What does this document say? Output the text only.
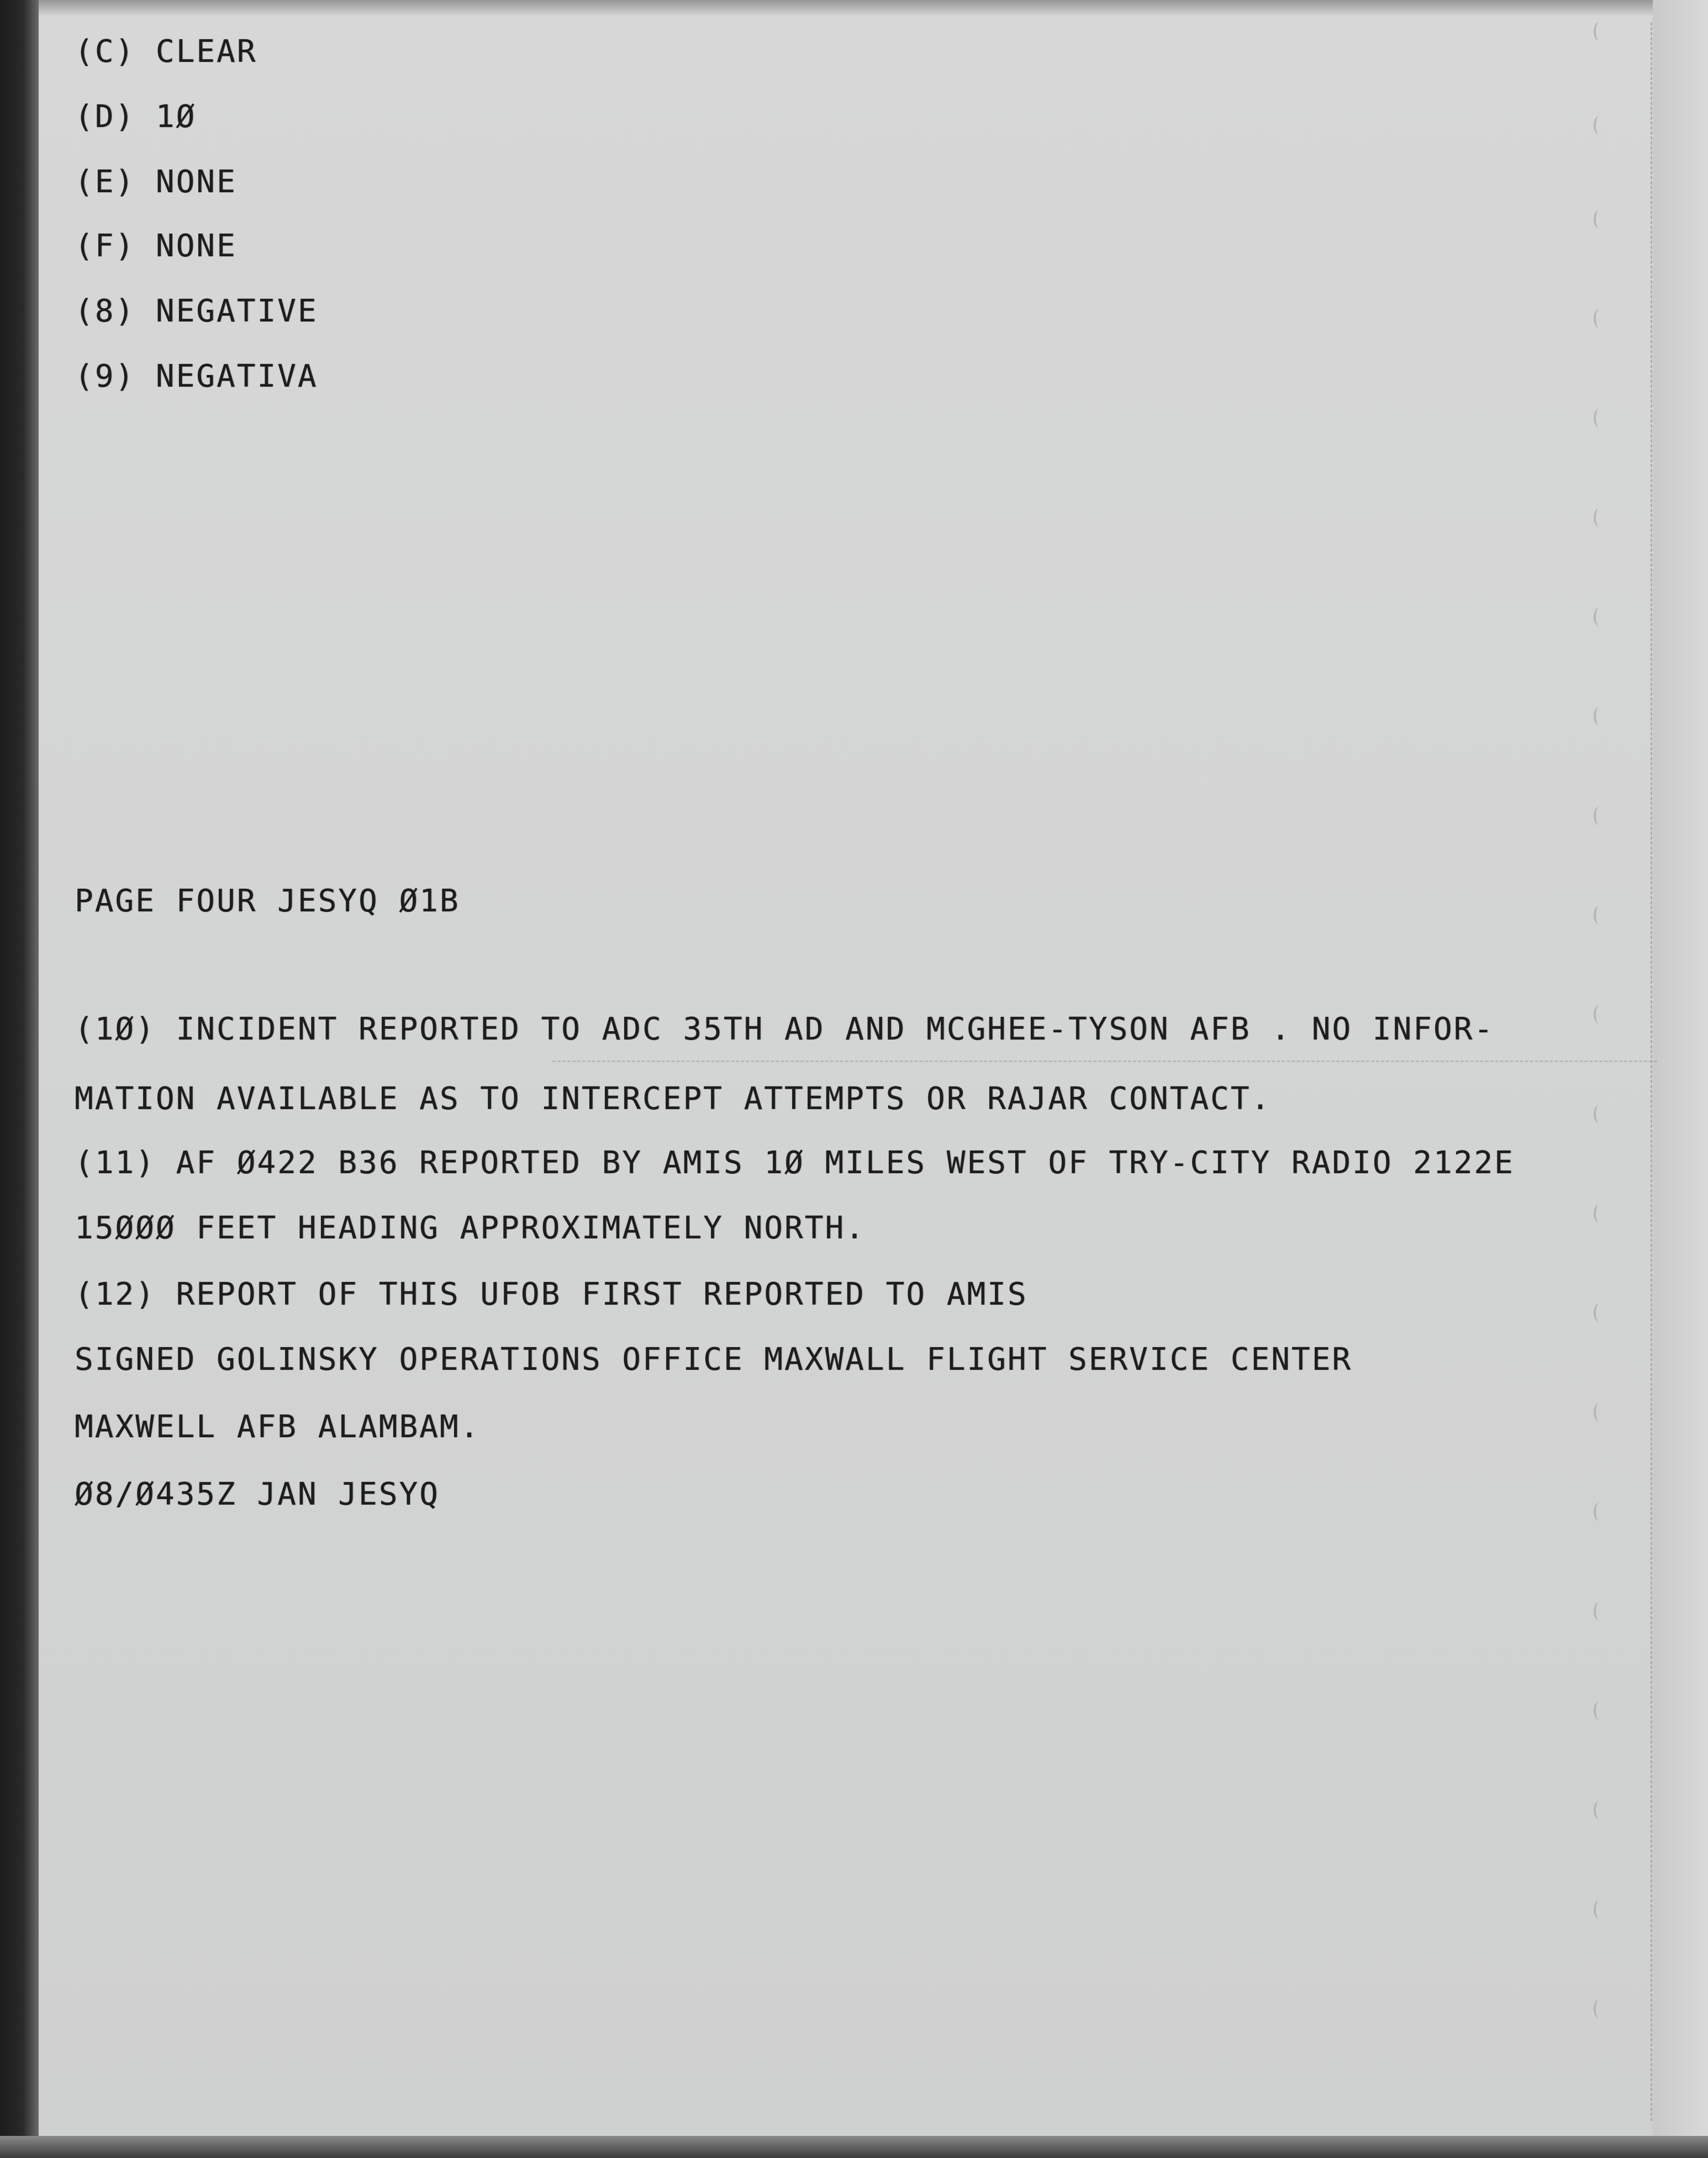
(C) CLEAR
(D) 1Ø
(E) NONE
(F) NONE
(8) NEGATIVE
(9) NEGATIVA
PAGE FOUR JESYQ Ø1B
(1Ø) INCIDENT REPORTED TO ADC 35TH AD AND MCGHEE-TYSON AFB . NO INFOR-
MATION AVAILABLE AS TO INTERCEPT ATTEMPTS OR RAJAR CONTACT.
(11) AF Ø422 B36 REPORTED BY AMIS 1Ø MILES WEST OF TRY-CITY RADIO 2122E
15ØØØ FEET HEADING APPROXIMATELY NORTH.
(12) REPORT OF THIS UFOB FIRST REPORTED TO AMIS
SIGNED GOLINSKY OPERATIONS OFFICE MAXWALL FLIGHT SERVICE CENTER
MAXWELL AFB ALAMBAM.
Ø8/Ø435Z JAN JESYQ
